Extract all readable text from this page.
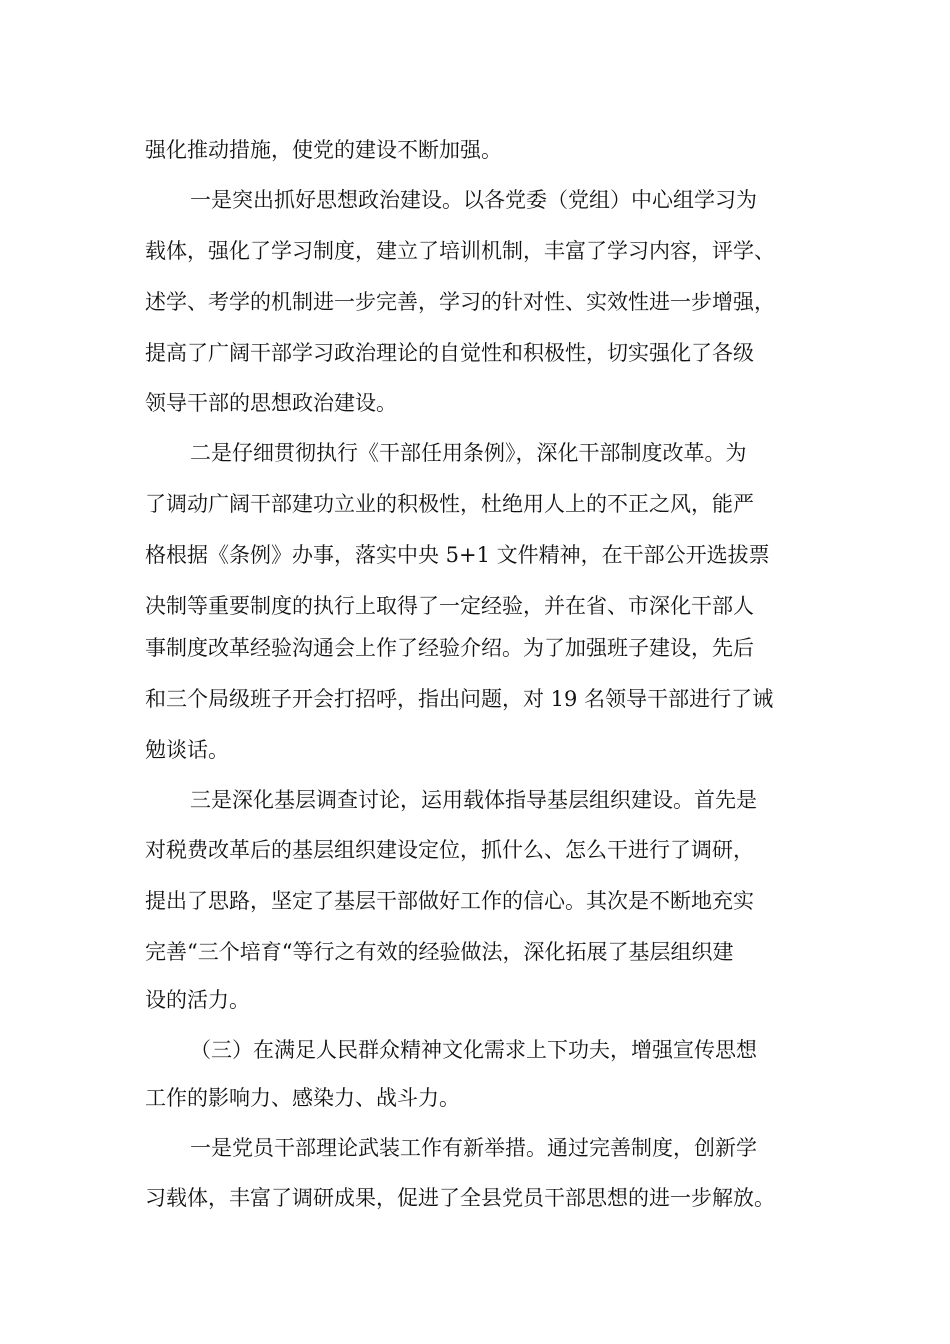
强化推动措施，使党的建设不断加强。

一是突出抓好思想政治建设。以各党委（党组）中心组学习为

载体，强化了学习制度，建立了培训机制，丰富了学习内容，评学、

述学、考学的机制进一步完善，学习的针对性、实效性进一步增强，

提高了广阔干部学习政治理论的自觉性和积极性，切实强化了各级

领导干部的思想政治建设。

二是仔细贯彻执行《干部任用条例》，深化干部制度改革。为

了调动广阔干部建功立业的积极性，杜绝用人上的不正之风，能严

格根据《条例》办事，落实中央 5+1 文件精神，在干部公开选拔票

决制等重要制度的执行上取得了一定经验，并在省、市深化干部人

事制度改革经验沟通会上作了经验介绍。为了加强班子建设，先后

和三个局级班子开会打招呼，指出问题，对 19 名领导干部进行了诫

勉谈话。

三是深化基层调查讨论，运用载体指导基层组织建设。首先是

对税费改革后的基层组织建设定位，抓什么、怎么干进行了调研，

提出了思路，坚定了基层干部做好工作的信心。其次是不断地充实

完善“三个培育“等行之有效的经验做法，深化拓展了基层组织建

设的活力。

（三）在满足人民群众精神文化需求上下功夫，增强宣传思想

工作的影响力、感染力、战斗力。

一是党员干部理论武装工作有新举措。通过完善制度，创新学

习载体，丰富了调研成果，促进了全县党员干部思想的进一步解放。
